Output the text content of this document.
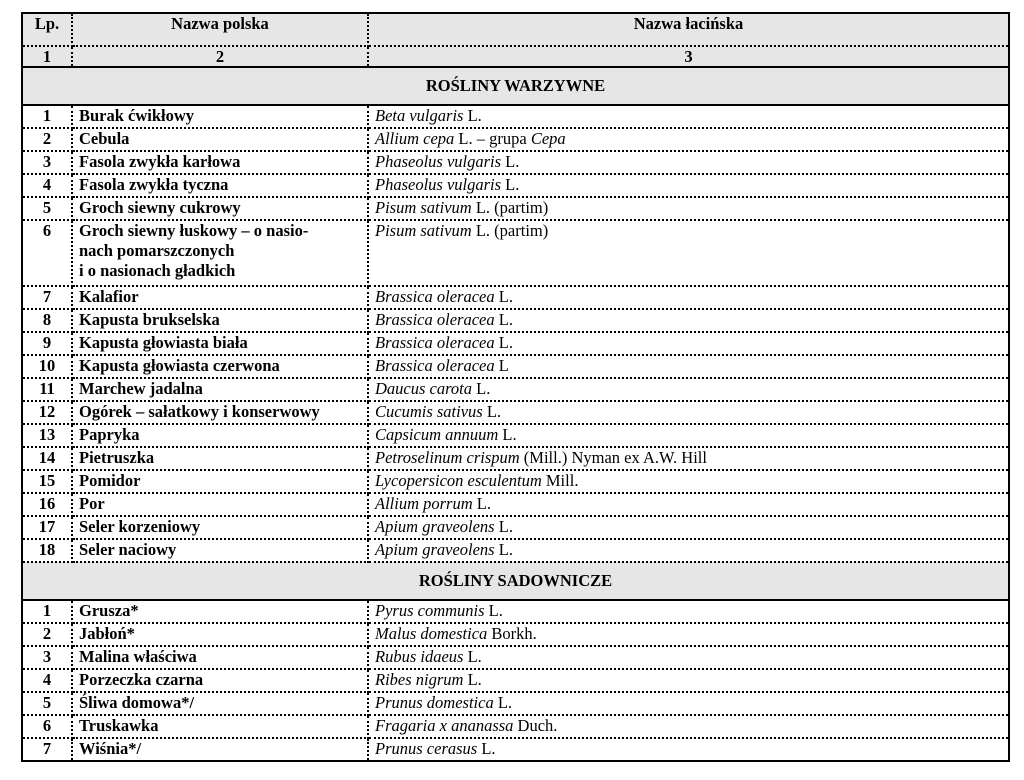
Lp.	Nazwa polska	Nazwa łacińska
1	2	3
ROŚLINY WARZYWNE		
1	Burak ćwikłowy	Beta vulgaris L.
2	Cebula	Allium cepa L. – grupa Cepa
3	Fasola zwykła karłowa	Phaseolus vulgaris L.
4	Fasola zwykła tyczna	Phaseolus vulgaris L.
5	Groch siewny cukrowy	Pisum sativum L. (partim)
6	Groch siewny łuskowy – o nasio-
nach pomarszczonych
i o nasionach gładkich	Pisum sativum L. (partim)
7	Kalafior	Brassica oleracea L.
8	Kapusta brukselska	Brassica oleracea L.
9	Kapusta głowiasta biała	Brassica oleracea L.
10	Kapusta głowiasta czerwona	Brassica oleracea L
11	Marchew jadalna	Daucus carota L.
12	Ogórek – sałatkowy i konserwowy	Cucumis sativus L.
13	Papryka	Capsicum annuum L.
14	Pietruszka	Petroselinum crispum (Mill.) Nyman ex A.W. Hill
15	Pomidor	Lycopersicon esculentum Mill.
16	Por	Allium porrum L.
17	Seler korzeniowy	Apium graveolens L.
18	Seler naciowy	Apium graveolens L.
ROŚLINY SADOWNICZE		
1	Grusza*	Pyrus communis L.
2	Jabłoń*	Malus domestica Borkh.
3	Malina właściwa	Rubus idaeus L.
4	Porzeczka czarna	Ribes nigrum L.
5	Śliwa domowa*/	Prunus domestica L.
6	Truskawka	Fragaria x ananassa Duch.
7	Wiśnia*/	Prunus cerasus L.
